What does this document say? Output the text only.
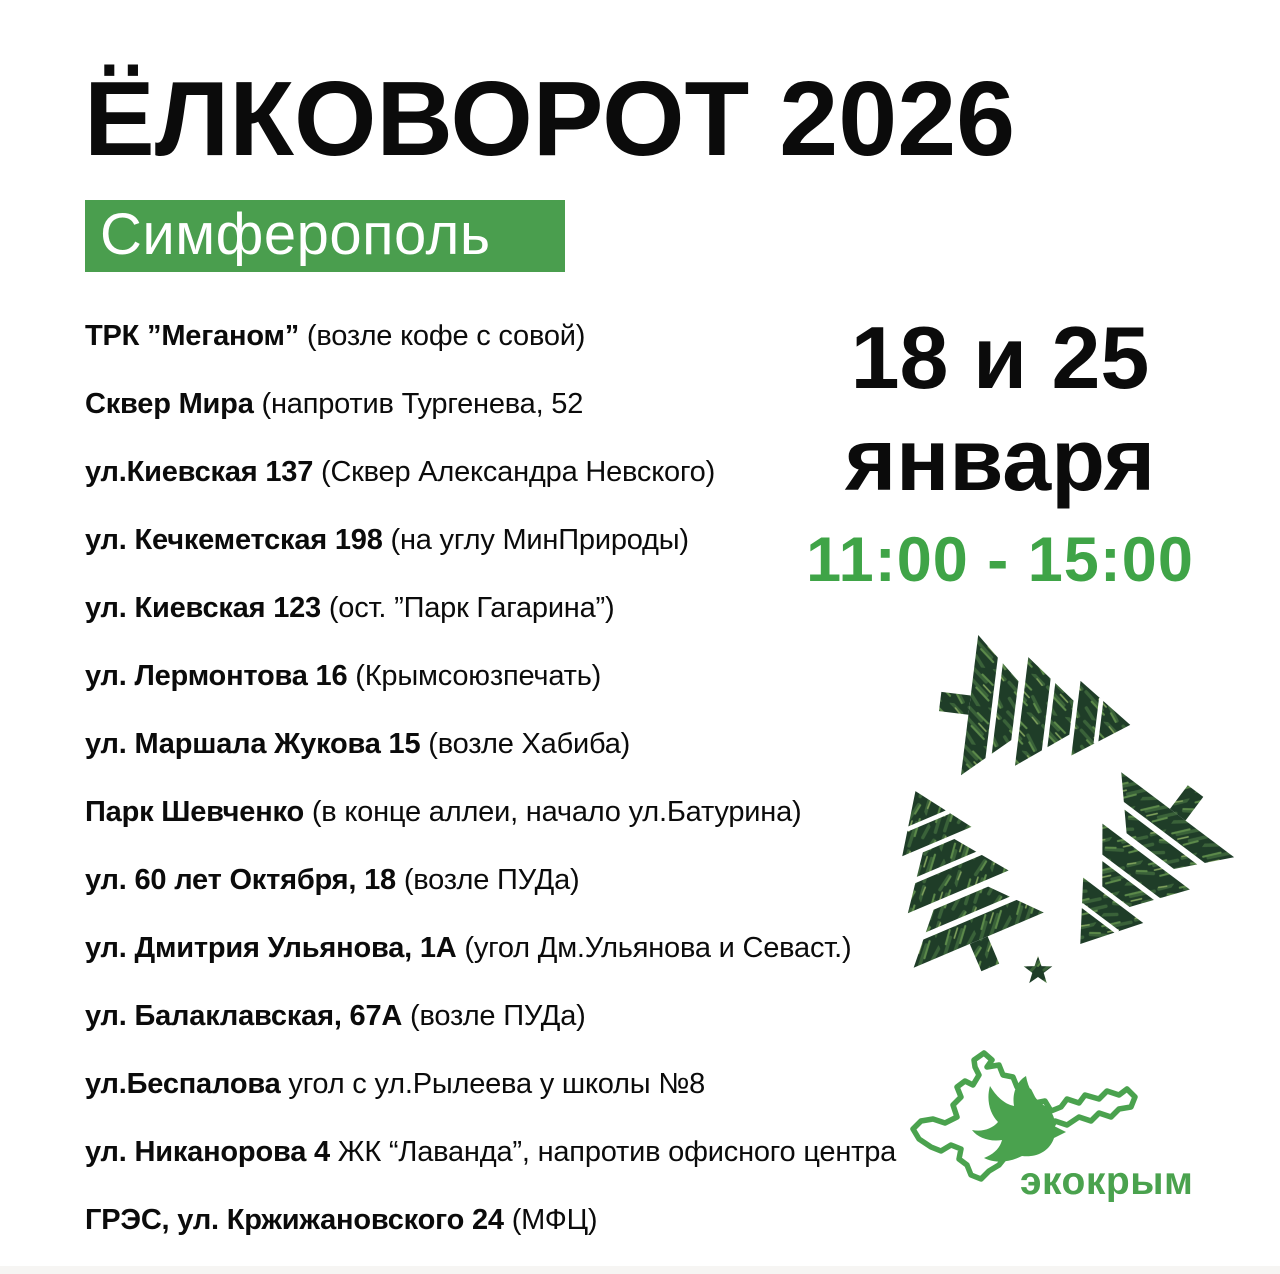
ЁЛКОВОРОТ 2026
Симферополь
ТРК ”Меганом” (возле кофе с совой)
Сквер Мира (напротив Тургенева, 52
ул.Киевская 137 (Сквер Александра Невского)
ул. Кечкеметская 198 (на углу МинПрироды)
ул. Киевская 123 (ост. ”Парк Гагарина”)
ул. Лермонтова 16 (Крымсоюзпечать)
ул. Маршала Жукова 15 (возле Хабиба)
Парк Шевченко (в конце аллеи, начало ул.Батурина)
ул. 60 лет Октября, 18 (возле ПУДа)
ул. Дмитрия Ульянова, 1А (угол Дм.Ульянова и Севаст.)
ул. Балаклавская, 67А (возле ПУДа)
ул.Беспалова угол с ул.Рылеева у школы №8
ул. Никанорова 4 ЖК “Лаванда”, напротив офисного центра
ГРЭС, ул. Кржижановского 24 (МФЦ)
18 и 25
января
11:00 - 15:00
экокрым
